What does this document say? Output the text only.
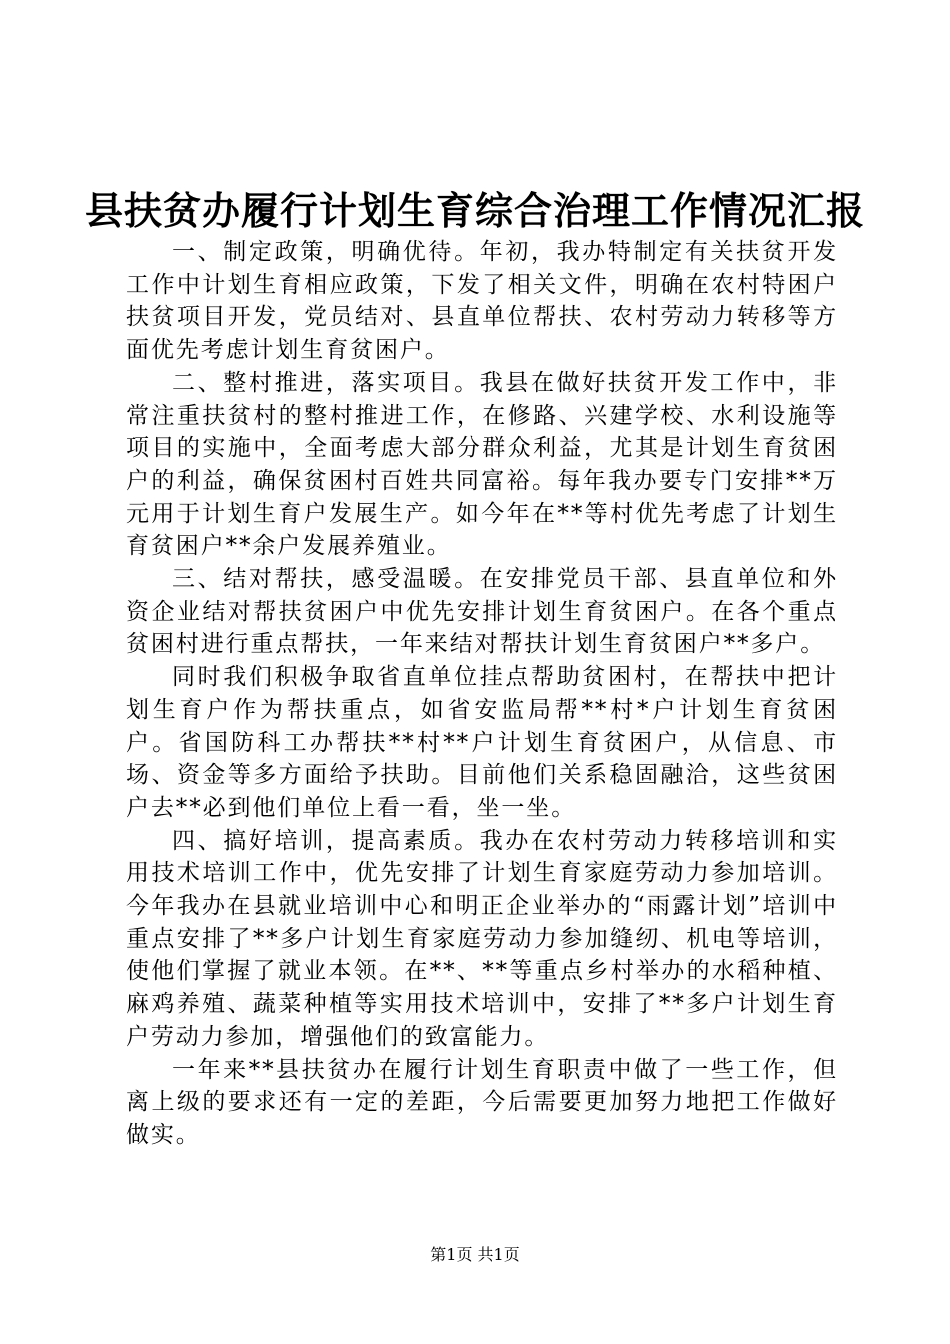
县扶贫办履行计划生育综合治理工作情况汇报

一、制定政策，明确优待。年初，我办特制定有关扶贫开发工作中计划生育相应政策，下发了相关文件，明确在农村特困户扶贫项目开发，党员结对、县直单位帮扶、农村劳动力转移等方面优先考虑计划生育贫困户。

二、整村推进，落实项目。我县在做好扶贫开发工作中，非常注重扶贫村的整村推进工作，在修路、兴建学校、水利设施等项目的实施中，全面考虑大部分群众利益，尤其是计划生育贫困户的利益，确保贫困村百姓共同富裕。每年我办要专门安排**万元用于计划生育户发展生产。如今年在**等村优先考虑了计划生育贫困户**余户发展养殖业。

三、结对帮扶，感受温暖。在安排党员干部、县直单位和外资企业结对帮扶贫困户中优先安排计划生育贫困户。在各个重点贫困村进行重点帮扶，一年来结对帮扶计划生育贫困户**多户。

同时我们积极争取省直单位挂点帮助贫困村，在帮扶中把计划生育户作为帮扶重点，如省安监局帮**村*户计划生育贫困户。省国防科工办帮扶**村**户计划生育贫困户，从信息、市场、资金等多方面给予扶助。目前他们关系稳固融洽，这些贫困户去**必到他们单位上看一看，坐一坐。

四、搞好培训，提高素质。我办在农村劳动力转移培训和实用技术培训工作中，优先安排了计划生育家庭劳动力参加培训。今年我办在县就业培训中心和明正企业举办的“雨露计划”培训中重点安排了**多户计划生育家庭劳动力参加缝纫、机电等培训，使他们掌握了就业本领。在**、**等重点乡村举办的水稻种植、麻鸡养殖、蔬菜种植等实用技术培训中，安排了**多户计划生育户劳动力参加，增强他们的致富能力。

一年来**县扶贫办在履行计划生育职责中做了一些工作，但离上级的要求还有一定的差距，今后需要更加努力地把工作做好做实。

第1页 共1页
